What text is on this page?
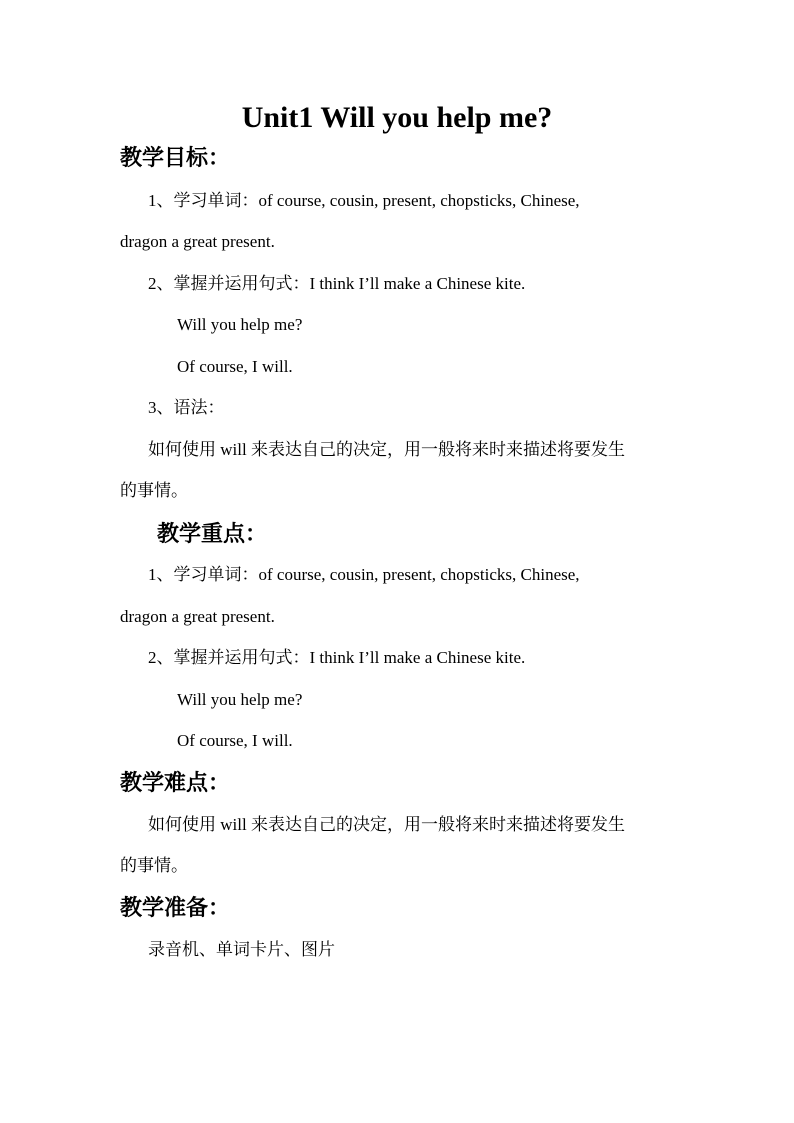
Unit1 Will you help me?
教学目标：
1、学习单词：of course, cousin, present, chopsticks, Chinese,
dragon a great present.
2、掌握并运用句式：I think I’ll make a Chinese kite.
Will you help me?
Of course, I will.
3、语法：
如何使用 will 来表达自己的决定，用一般将来时来描述将要发生
的事情。
教学重点：
1、学习单词：of course, cousin, present, chopsticks, Chinese,
dragon a great present.
2、掌握并运用句式：I think I’ll make a Chinese kite.
Will you help me?
Of course, I will.
教学难点：
如何使用 will 来表达自己的决定，用一般将来时来描述将要发生
的事情。
教学准备：
录音机、单词卡片、图片
